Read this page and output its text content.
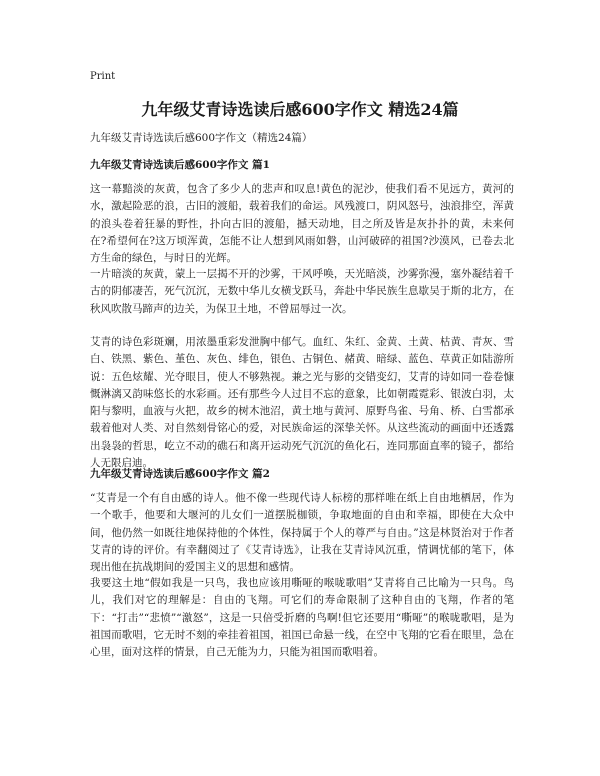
Print
九年级艾青诗选读后感600字作文 精选24篇

九年级艾青诗选读后感600字作文（精选24篇）

九年级艾青诗选读后感600字作文 篇1

这一幕黯淡的灰黄，包含了多少人的悲声和叹息!黄色的泥沙，使我们看不见远方，黄河的水，激起险恶的浪，古旧的渡船，载着我们的命运。风残渡口，阴风怒号，浊浪排空，浑黄的浪头卷着狂暴的野性，扑向古旧的渡船，撼天动地，目之所及皆是灰扑扑的黄，未来何在?希望何在?这万顷浑黄，怎能不让人想到风雨如磐，山河破碎的祖国?沙漠风，已卷去北方生命的绿色，与时日的光辉。

一片暗淡的灰黄，蒙上一层揭不开的沙雾，干风呼唤，天光暗淡，沙雾弥漫，塞外凝结着千古的阴郁凄苦，死气沉沉，无数中华儿女横戈跃马，奔赴中华民族生息歇吴于斯的北方，在秋风吹散马蹄声的边关，为保卫土地，不曾屈辱过一次。

艾青的诗色彩斑斓，用浓墨重彩发泄胸中郁气。血红、朱红、金黄、土黄、枯黄、青灰、雪白、铁黑、紫色、堇色、灰色、绯色，银色、古铜色、赭黄、暗绿、蓝色、草黄正如陆游所说：五色炫耀、光夺眼目，使人不够熟视。兼之光与影的交错变幻，艾青的诗如同一卷卷慷慨淋漓又韵味悠长的水彩画。还有那些今人过目不忘的意象，比如朝霞霓彩、银波白羽，太阳与黎明，血液与火把，故乡的树木池沼，黄土地与黄河、原野鸟雀、号角、桥、白雪都承载着他对人类、对自然刻骨铭心的爱，对民族命运的深挚关怀。从这些流动的画面中还透露出袅袅的哲思，屹立不动的礁石和离开运动死气沉沉的鱼化石，连同那面直率的镜子，都给人无限启迪。

九年级艾青诗选读后感600字作文 篇2

“艾青是一个有自由感的诗人。他不像一些现代诗人标榜的那样唯在纸上自由地栖居，作为一个歌手，他要和大堰河的儿女们一道摆脱枷锁，争取地面的自由和幸福，即使在大众中间，他仍然一如既往地保持他的个体性，保持属于个人的尊严与自由。”这是林贤治对于作者艾青的诗的评价。有幸翻阅过了《艾青诗选》，让我在艾青诗风沉重，情调忧郁的笔下，体现出他在抗战期间的爱国主义的思想和感情。

我要这土地“假如我是一只鸟，我也应该用嘶哑的喉咙歌唱”艾青将自己比喻为一只鸟。鸟儿，我们对它的理解是：自由的飞翔。可它们的寿命限制了这种自由的飞翔，作者的笔下：“打击”“悲愤”“激怒”，这是一只倍受折磨的鸟啊!但它还要用“嘶哑”的喉咙歌唱，是为祖国而歌唱，它无时不刻的牵挂着祖国，祖国已命悬一线，在空中飞翔的它看在眼里，急在心里，面对这样的情景，自己无能为力，只能为祖国而歌唱着。
